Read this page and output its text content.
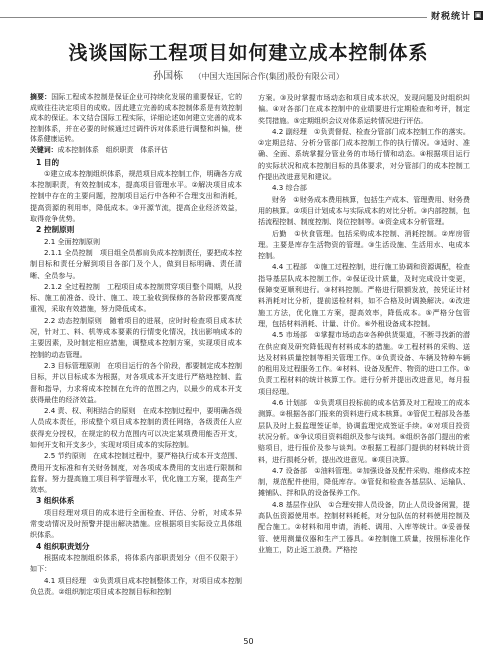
财税统计 ▣
浅谈国际工程项目如何建立成本控制体系
孙国栋 （中国大连国际合作(集团)股份有限公司）

摘要：国际工程成本控制是保证企业可持续化发展的重要保证，它的成败往往决定项目的成败。因此建立完善的成本控制体系是有效控制成本的保证。本文结合国际工程实际，详细论述如何建立完善的成本控制体系，并在必要的时候通过过调件诉对体系进行调整和纠偏，使体系健康运转。

关键词：成本控制体系　组织职责　体系评估

1 目的

①建立成本控制组织体系，规范项目成本控制工作，明确各方成本控制职责，有效控制成本，提高项目管理水平。②解决项目成本控制中存在的主要问题，控制项目运行中各种不合理支出和消耗，提高资源的利用率，降低成本。③开源节流，提高企业经济效益，取得竞争优势。

2 控制原则

2.1 全面控制原则

2.1.1 全员控制　项目组全员都肩负成本控制责任，要把成本控制目标和责任分解到项目各部门及个人，做到目标明确、责任清晰、全员参与。

2.1.2 全过程控制　工程项目成本控制贯穿项目整个周期，从投标、施工前准备、设计、施工、竣工验收到保修的各阶段都要高度重视，采取有效措施，努力降低成本。

2.2 动态控制原则　随着项目的进展，应时时检查项目成本状况，针对工、料、机等成本要素的行情变化情况，找出影响成本的主要因素，及时制定相应措施，调整成本控制方案，实现项目成本控制的动态管理。

2.3 目标管理原则　在项目运行的各个阶段，都要制定成本控制目标，并以目标成本为根据，对各项成本开支进行严格地控制、监督和指导，力求将成本控制在允许的范围之内，以最少的成本开支获得最佳的经济效益。

2.4 责、权、利相结合的原则　在成本控制过程中，要明确各级人员成本责任，形成整个项目成本控制的责任网络，各级责任人应获得充分授权，在规定的权力范围内可以决定某项费用能否开支，如何开支和开支多少，实现对项目成本的实际控制。

2.5 节约原则　在成本控制过程中，要严格执行成本开支范围、费用开支标准和有关财务制度，对各项成本费用的支出进行限制和监督。努力提高施工项目科学管理水平，优化施工方案，提高生产效率。

3 组织体系

项目经理对项目的成本进行全面检查、评估、分析，对成本异常变动情况及时预警并提出解决措施。应根据项目实际设立具体组织体系。

4 组织职责划分

根据成本控制组织体系，将体系内部职责划分（但不仅限于）如下：

4.1 项目经理　①负责项目成本控制整体工作，对项目成本控制负总责。②组织制定项目成本控制目标和控制

方案。③及时掌握市场动态和项目成本状况，发现问题及时组织纠偏。④对各部门在成本控制中的业绩要进行定期检查和考评，制定奖罚措施。⑤定期组织会议对体系运转情况进行评估。

4.2 副经理　①负责督促、检查分管部门成本控制工作的落实。②定期总结、分析分管部门成本控制工作的执行情况。③适时、准确、全面、系统掌握分管业务的市场行情和动态。④根据项目运行的实际状况和成本控制目标的具体要求，对分管部门的成本控制工作提出改进意见和建议。

4.3 综合部

财务　①财务成本费用核算，包括生产成本、管理费用、财务费用的核算。②项目计划成本与实际成本的对比分析。③内部控制，包括流程控制、制度控制、岗位控制等。④资金成本分析管理。

后勤　①伙食管理。包括采购成本控制、消耗控制。②库房管理。主要是库存生活物资的管理。③生活设施、生活用水、电成本控制。

4.4 工程部　①施工过程控制，进行施工协调和资源调配，检查指导基层队成本控制工作。②保证设计质量，及时完成设计变更，保障变更顺利进行。③材料控制。严格进行限额发放，按凭证计材料消耗对比分析，提前送检材料，如不合格及时调换解决。④改进施工方法，优化施工方案，提高效率，降低成本。⑤严格分包管理，包括材料消耗、计量、计价。⑥外租设备成本控制。

4.5 市场部　①掌握市场动态②各种供货渠道，不断寻找新的潜在供应商及研究降低现有材料成本的措施。②工程材料的采购、送达及材料质量控制等相关管理工作。③负责设备、车辆及特种车辆的租用及过程服务工作。④材料、设备及配件、物资的进口工作。⑤负责工程材料的统计核算工作。进行分析并提出改进意见，每月报项目经理。

4.6 计划部　①负责项目投标前的成本估算及对工程竣工的成本测算。②根据各部门报来的资料进行成本核算。③管促工程部及各基层队及时上报监理签证单，协调监理完成签证手续。④对项目投资状况分析。⑤争议项目资料组织及参与谈判。⑥组织各部门提出的索赔项目，进行报价及参与谈判。⑦根据工程部门提供的材料统计资料，进行损耗分析，提出改进意见。⑧项目决算。

4.7 设备部　①油料管理。②加强设备及配件采购、维修成本控制，规范配件使用，降低库存。③管促和检查各基层队、运输队、摊铺队、拌和队的设备保养工作。

4.8 基层作业队　①合理安排人员设备，防止人员设备闲置，提高队伍资源使用率。控制材料耗耗，对分包队伍的材料使用控制及配合施工。②材料和用申请，消耗、调用、入库等统计。③妥善保管、使用测量仪器和生产工器具。④控制施工质量，按照标准化作业施工，防止返工浪费。严格控

50
